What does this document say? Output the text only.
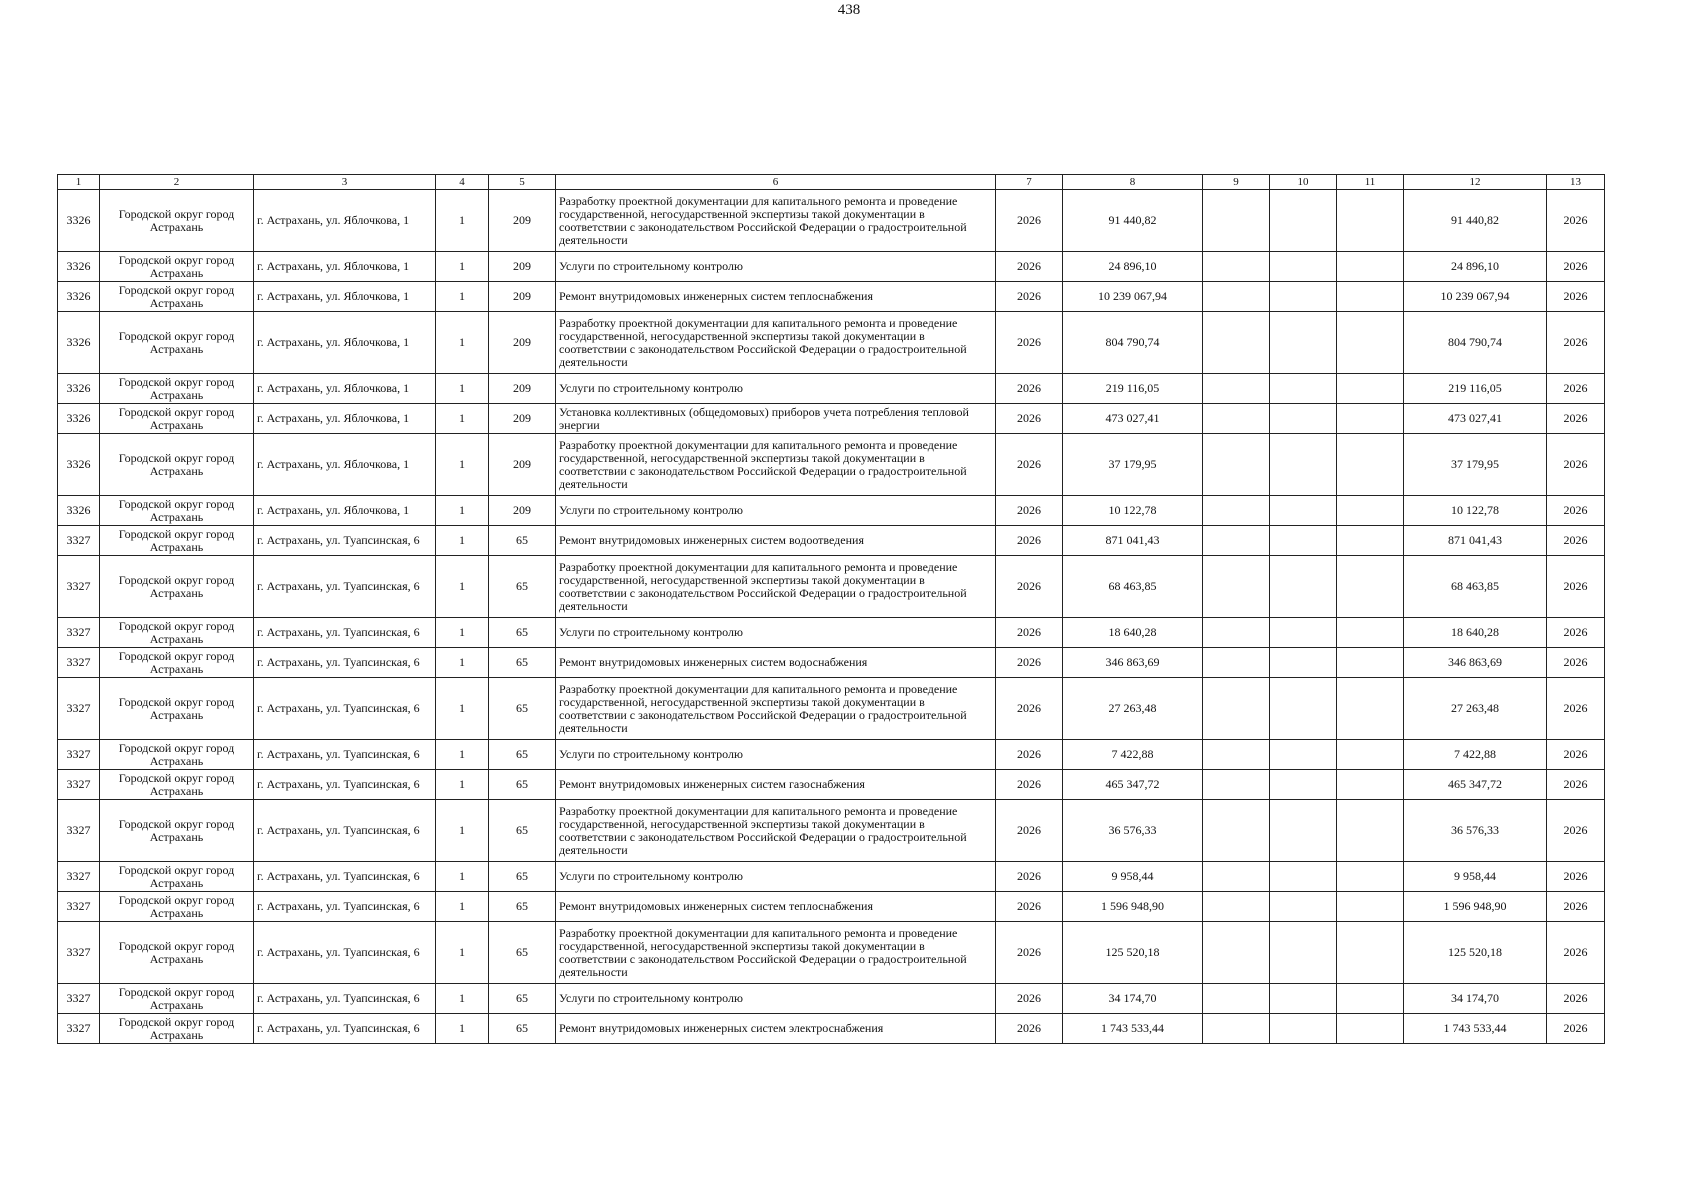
438
1	2	3	4	5	6	7	8	9	10	11	12	13
3326	Городской округ город Астрахань	г. Астрахань, ул. Яблочкова, 1	1	209	Разработку проектной документации для капитального ремонта и проведение государственной, негосударственной экспертизы такой документации в соответствии с законодательством Российской Федерации о градостроительной деятельности	2026	91 440,82				91 440,82	2026
3326	Городской округ город Астрахань	г. Астрахань, ул. Яблочкова, 1	1	209	Услуги по строительному контролю	2026	24 896,10				24 896,10	2026
3326	Городской округ город Астрахань	г. Астрахань, ул. Яблочкова, 1	1	209	Ремонт внутридомовых инженерных систем теплоснабжения	2026	10 239 067,94				10 239 067,94	2026
3326	Городской округ город Астрахань	г. Астрахань, ул. Яблочкова, 1	1	209	Разработку проектной документации для капитального ремонта и проведение государственной, негосударственной экспертизы такой документации в соответствии с законодательством Российской Федерации о градостроительной деятельности	2026	804 790,74				804 790,74	2026
3326	Городской округ город Астрахань	г. Астрахань, ул. Яблочкова, 1	1	209	Услуги по строительному контролю	2026	219 116,05				219 116,05	2026
3326	Городской округ город Астрахань	г. Астрахань, ул. Яблочкова, 1	1	209	Установка коллективных (общедомовых) приборов учета потребления тепловой энергии	2026	473 027,41				473 027,41	2026
3326	Городской округ город Астрахань	г. Астрахань, ул. Яблочкова, 1	1	209	Разработку проектной документации для капитального ремонта и проведение государственной, негосударственной экспертизы такой документации в соответствии с законодательством Российской Федерации о градостроительной деятельности	2026	37 179,95				37 179,95	2026
3326	Городской округ город Астрахань	г. Астрахань, ул. Яблочкова, 1	1	209	Услуги по строительному контролю	2026	10 122,78				10 122,78	2026
3327	Городской округ город Астрахань	г. Астрахань, ул. Туапсинская, 6	1	65	Ремонт внутридомовых инженерных систем водоотведения	2026	871 041,43				871 041,43	2026
3327	Городской округ город Астрахань	г. Астрахань, ул. Туапсинская, 6	1	65	Разработку проектной документации для капитального ремонта и проведение государственной, негосударственной экспертизы такой документации в соответствии с законодательством Российской Федерации о градостроительной деятельности	2026	68 463,85				68 463,85	2026
3327	Городской округ город Астрахань	г. Астрахань, ул. Туапсинская, 6	1	65	Услуги по строительному контролю	2026	18 640,28				18 640,28	2026
3327	Городской округ город Астрахань	г. Астрахань, ул. Туапсинская, 6	1	65	Ремонт внутридомовых инженерных систем водоснабжения	2026	346 863,69				346 863,69	2026
3327	Городской округ город Астрахань	г. Астрахань, ул. Туапсинская, 6	1	65	Разработку проектной документации для капитального ремонта и проведение государственной, негосударственной экспертизы такой документации в соответствии с законодательством Российской Федерации о градостроительной деятельности	2026	27 263,48				27 263,48	2026
3327	Городской округ город Астрахань	г. Астрахань, ул. Туапсинская, 6	1	65	Услуги по строительному контролю	2026	7 422,88				7 422,88	2026
3327	Городской округ город Астрахань	г. Астрахань, ул. Туапсинская, 6	1	65	Ремонт внутридомовых инженерных систем газоснабжения	2026	465 347,72				465 347,72	2026
3327	Городской округ город Астрахань	г. Астрахань, ул. Туапсинская, 6	1	65	Разработку проектной документации для капитального ремонта и проведение государственной, негосударственной экспертизы такой документации в соответствии с законодательством Российской Федерации о градостроительной деятельности	2026	36 576,33				36 576,33	2026
3327	Городской округ город Астрахань	г. Астрахань, ул. Туапсинская, 6	1	65	Услуги по строительному контролю	2026	9 958,44				9 958,44	2026
3327	Городской округ город Астрахань	г. Астрахань, ул. Туапсинская, 6	1	65	Ремонт внутридомовых инженерных систем теплоснабжения	2026	1 596 948,90				1 596 948,90	2026
3327	Городской округ город Астрахань	г. Астрахань, ул. Туапсинская, 6	1	65	Разработку проектной документации для капитального ремонта и проведение государственной, негосударственной экспертизы такой документации в соответствии с законодательством Российской Федерации о градостроительной деятельности	2026	125 520,18				125 520,18	2026
3327	Городской округ город Астрахань	г. Астрахань, ул. Туапсинская, 6	1	65	Услуги по строительному контролю	2026	34 174,70				34 174,70	2026
3327	Городской округ город Астрахань	г. Астрахань, ул. Туапсинская, 6	1	65	Ремонт внутридомовых инженерных систем электроснабжения	2026	1 743 533,44				1 743 533,44	2026
